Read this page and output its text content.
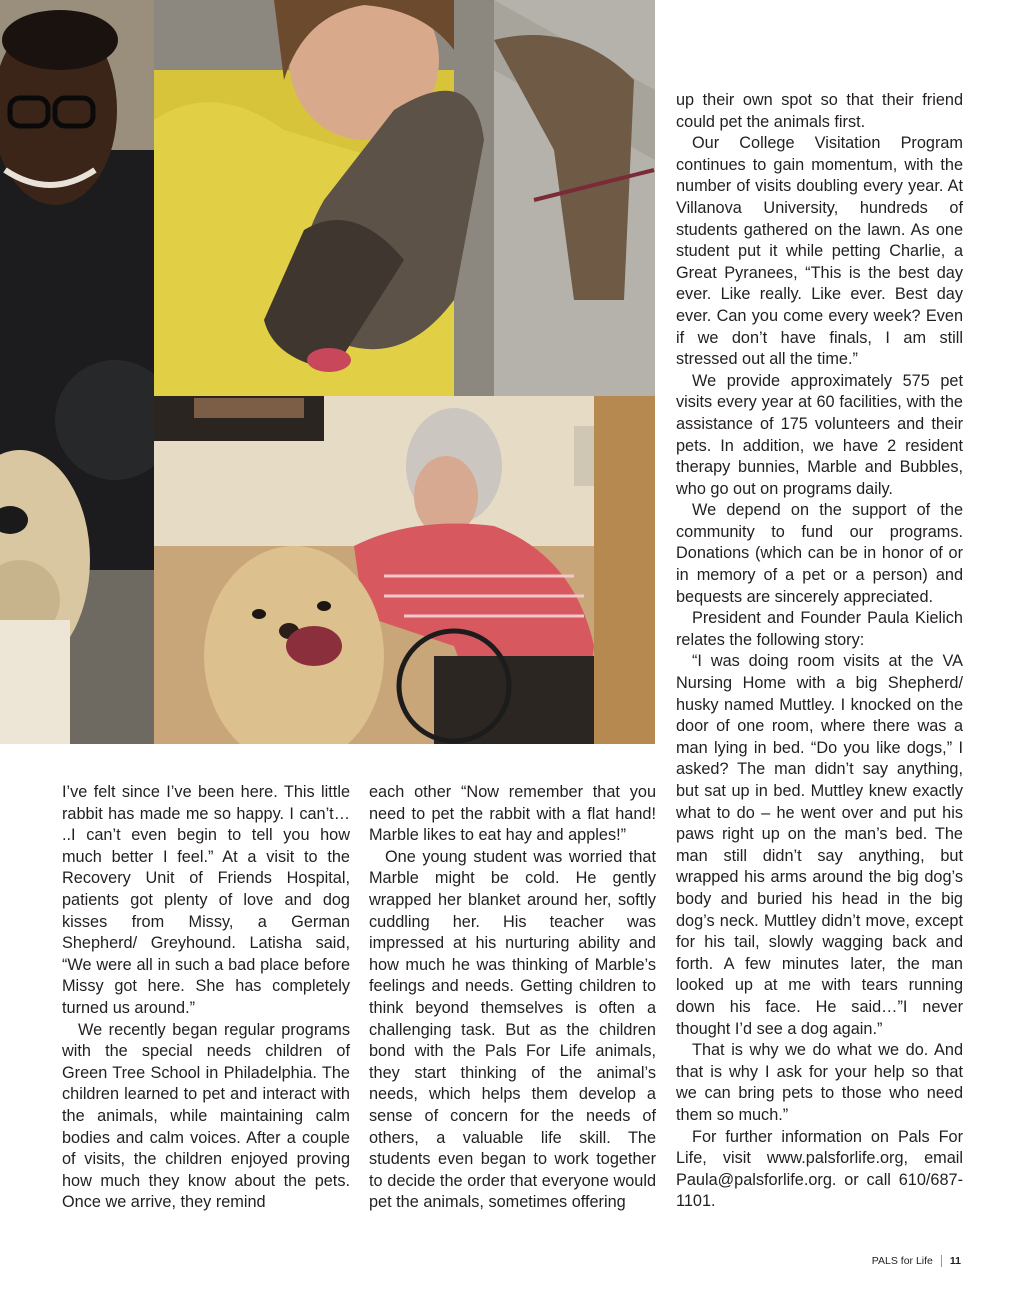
I’ve felt since I’ve been here. This little rabbit has made me so happy. I can’t… ..I can’t even begin to tell you how much better I feel.” At a visit to the Recovery Unit of Friends Hospital, patients got plenty of love and dog kisses from Missy, a German Shepherd/ Greyhound. Latisha said, “We were all in such a bad place before Missy got here. She has completely turned us around.”

We recently began regular programs with the special needs children of Green Tree School in Philadelphia. The children learned to pet and interact with the animals, while maintaining calm bodies and calm voices. After a couple of visits, the children enjoyed proving how much they know about the pets. Once we arrive, they remind

each other “Now remember that you need to pet the rabbit with a flat hand! Marble likes to eat hay and apples!”

One young student was worried that Marble might be cold. He gently wrapped her blanket around her, softly cuddling her. His teacher was impressed at his nurturing ability and how much he was thinking of Marble’s feelings and needs. Getting children to think beyond themselves is often a challenging task. But as the children bond with the Pals For Life animals, they start thinking of the animal’s needs, which helps them develop a sense of concern for the needs of others, a valuable life skill. The students even began to work together to decide the order that everyone would pet the animals, sometimes offering

up their own spot so that their friend could pet the animals first.

Our College Visitation Program continues to gain momentum, with the number of visits doubling every year. At Villanova University, hundreds of students gathered on the lawn. As one student put it while petting Charlie, a Great Pyranees, “This is the best day ever. Like really. Like ever. Best day ever. Can you come every week? Even if we don’t have finals, I am still stressed out all the time.”

We provide approximately 575 pet visits every year at 60 facilities, with the assistance of 175 volunteers and their pets. In addition, we have 2 resident therapy bunnies, Marble and Bubbles, who go out on programs daily.

We depend on the support of the community to fund our programs. Donations (which can be in honor of or in memory of a pet or a person) and bequests are sincerely appreciated.

President and Founder Paula Kielich relates the following story:

“I was doing room visits at the VA Nursing Home with a big Shepherd/ husky named Muttley. I knocked on the door of one room, where there was a man lying in bed. “Do you like dogs,” I asked? The man didn’t say anything, but sat up in bed. Muttley knew exactly what to do – he went over and put his paws right up on the man’s bed. The man still didn’t say anything, but wrapped his arms around the big dog’s body and buried his head in the big dog’s neck. Muttley didn’t move, except for his tail, slowly wagging back and forth. A few minutes later, the man looked up at me with tears running down his face. He said…”I never thought I’d see a dog again.”

That is why we do what we do. And that is why I ask for your help so that we can bring pets to those who need them so much.”

For further information on Pals For Life, visit www.palsforlife.org, email Paula@palsforlife.org. or call 610/687-1101.

PALS for Life 11
